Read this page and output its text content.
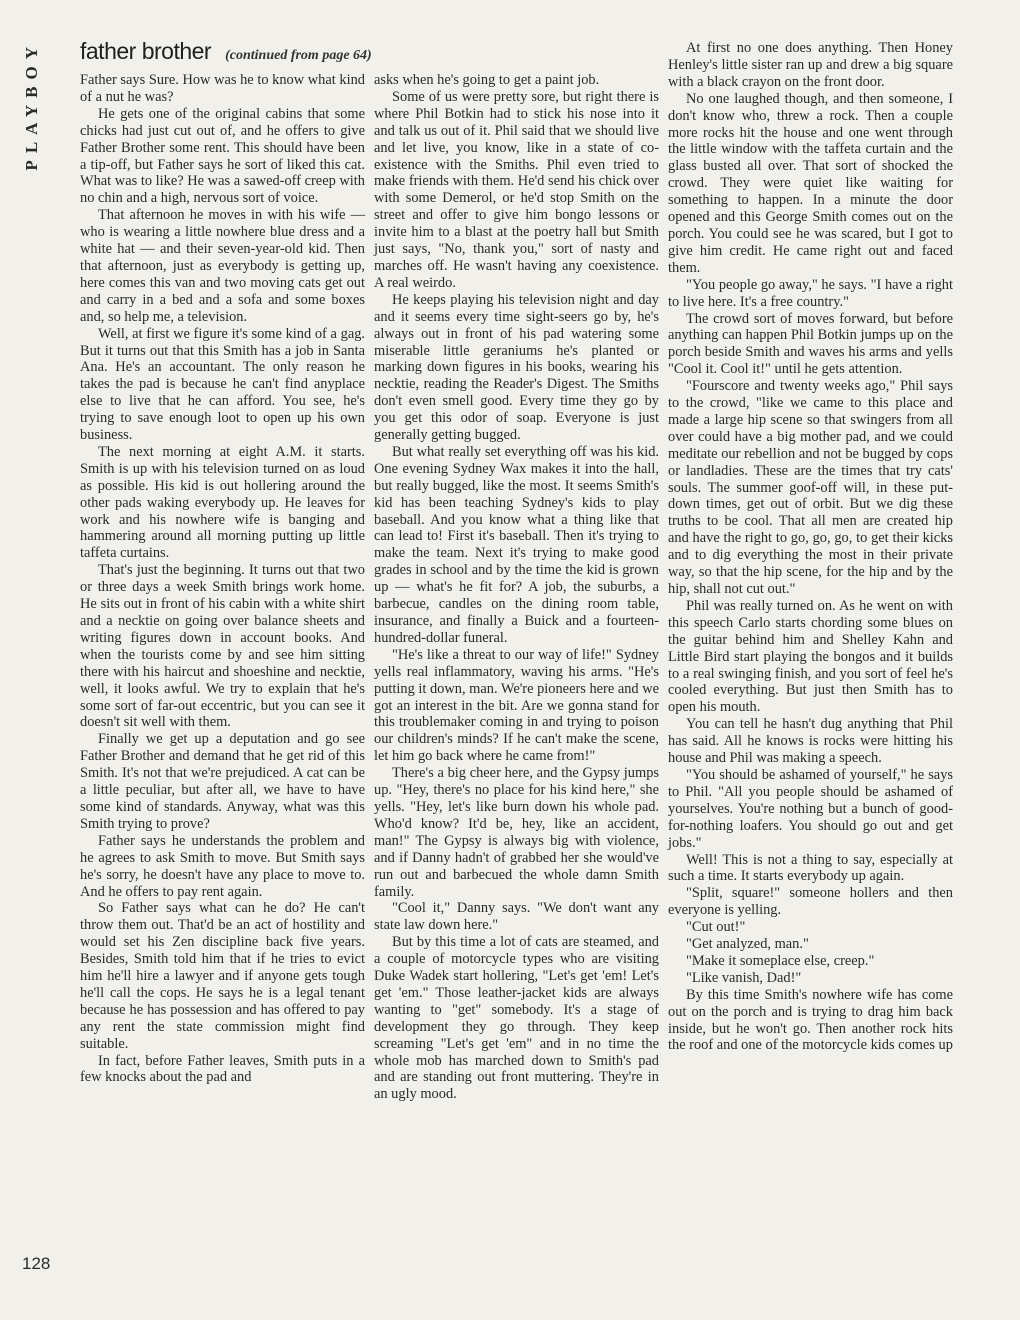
PLAYBOY father brother (continued from page 64)

Father says Sure. How was he to know what kind of a nut he was?

He gets one of the original cabins that some chicks had just cut out of, and he offers to give Father Brother some rent. This should have been a tip-off, but Father says he sort of liked this cat. What was to like? He was a sawed-off creep with no chin and a high, nervous sort of voice.

That afternoon he moves in with his wife — who is wearing a little nowhere blue dress and a white hat — and their seven-year-old kid. Then that afternoon, just as everybody is getting up, here comes this van and two moving cats get out and carry in a bed and a sofa and some boxes and, so help me, a television.

Well, at first we figure it's some kind of a gag. But it turns out that this Smith has a job in Santa Ana. He's an accountant. The only reason he takes the pad is because he can't find anyplace else to live that he can afford. You see, he's trying to save enough loot to open up his own business.

The next morning at eight A.M. it starts. Smith is up with his television turned on as loud as possible. His kid is out hollering around the other pads waking everybody up. He leaves for work and his nowhere wife is banging and hammering around all morning putting up little taffeta curtains.

That's just the beginning. It turns out that two or three days a week Smith brings work home. He sits out in front of his cabin with a white shirt and a necktie on going over balance sheets and writing figures down in account books. And when the tourists come by and see him sitting there with his haircut and shoeshine and necktie, well, it looks awful. We try to explain that he's some sort of far-out eccentric, but you can see it doesn't sit well with them.

Finally we get up a deputation and go see Father Brother and demand that he get rid of this Smith. It's not that we're prejudiced. A cat can be a little peculiar, but after all, we have to have some kind of standards. Anyway, what was this Smith trying to prove?

Father says he understands the problem and he agrees to ask Smith to move. But Smith says he's sorry, he doesn't have any place to move to. And he offers to pay rent again.

So Father says what can he do? He can't throw them out. That'd be an act of hostility and would set his Zen discipline back five years. Besides, Smith told him that if he tries to evict him he'll hire a lawyer and if anyone gets tough he'll call the cops. He says he is a legal tenant because he has possession and has offered to pay any rent the state commission might find suitable.

In fact, before Father leaves, Smith puts in a few knocks about the pad and

asks when he's going to get a paint job.

Some of us were pretty sore, but right there is where Phil Botkin had to stick his nose into it and talk us out of it. Phil said that we should live and let live, you know, like in a state of co-existence with the Smiths. Phil even tried to make friends with them. He'd send his chick over with some Demerol, or he'd stop Smith on the street and offer to give him bongo lessons or invite him to a blast at the poetry hall but Smith just says, "No, thank you," sort of nasty and marches off. He wasn't having any coexistence. A real weirdo.

He keeps playing his television night and day and it seems every time sight-seers go by, he's always out in front of his pad watering some miserable little geraniums he's planted or marking down figures in his books, wearing his necktie, reading the Reader's Digest. The Smiths don't even smell good. Every time they go by you get this odor of soap. Everyone is just generally getting bugged.

But what really set everything off was his kid. One evening Sydney Wax makes it into the hall, but really bugged, like the most. It seems Smith's kid has been teaching Sydney's kids to play baseball. And you know what a thing like that can lead to! First it's baseball. Then it's trying to make the team. Next it's trying to make good grades in school and by the time the kid is grown up — what's he fit for? A job, the suburbs, a barbecue, candles on the dining room table, insurance, and finally a Buick and a fourteen-hundred-dollar funeral.

"He's like a threat to our way of life!" Sydney yells real inflammatory, waving his arms. "He's putting it down, man. We're pioneers here and we got an interest in the bit. Are we gonna stand for this troublemaker coming in and trying to poison our children's minds? If he can't make the scene, let him go back where he came from!"

There's a big cheer here, and the Gypsy jumps up. "Hey, there's no place for his kind here," she yells. "Hey, let's like burn down his whole pad. Who'd know? It'd be, hey, like an accident, man!" The Gypsy is always big with violence, and if Danny hadn't of grabbed her she would've run out and barbecued the whole damn Smith family.

"Cool it," Danny says. "We don't want any state law down here."

But by this time a lot of cats are steamed, and a couple of motorcycle types who are visiting Duke Wadek start hollering, "Let's get 'em! Let's get 'em." Those leather-jacket kids are always wanting to "get" somebody. It's a stage of development they go through. They keep screaming "Let's get 'em" and in no time the whole mob has marched down to Smith's pad and are standing out front muttering. They're in an ugly mood.

At first no one does anything. Then Honey Henley's little sister ran up and drew a big square with a black crayon on the front door.

No one laughed though, and then someone, I don't know who, threw a rock. Then a couple more rocks hit the house and one went through the little window with the taffeta curtain and the glass busted all over. That sort of shocked the crowd. They were quiet like waiting for something to happen. In a minute the door opened and this George Smith comes out on the porch. You could see he was scared, but I got to give him credit. He came right out and faced them.

"You people go away," he says. "I have a right to live here. It's a free country."

The crowd sort of moves forward, but before anything can happen Phil Botkin jumps up on the porch beside Smith and waves his arms and yells "Cool it. Cool it!" until he gets attention.

"Fourscore and twenty weeks ago," Phil says to the crowd, "like we came to this place and made a large hip scene so that swingers from all over could have a big mother pad, and we could meditate our rebellion and not be bugged by cops or landladies. These are the times that try cats' souls. The summer goof-off will, in these put-down times, get out of orbit. But we dig these truths to be cool. That all men are created hip and have the right to go, go, go, to get their kicks and to dig everything the most in their private way, so that the hip scene, for the hip and by the hip, shall not cut out."

Phil was really turned on. As he went on with this speech Carlo starts chording some blues on the guitar behind him and Shelley Kahn and Little Bird start playing the bongos and it builds to a real swinging finish, and you sort of feel he's cooled everything. But just then Smith has to open his mouth.

You can tell he hasn't dug anything that Phil has said. All he knows is rocks were hitting his house and Phil was making a speech.

"You should be ashamed of yourself," he says to Phil. "All you people should be ashamed of yourselves. You're nothing but a bunch of good-for-nothing loafers. You should go out and get jobs."

Well! This is not a thing to say, especially at such a time. It starts everybody up again.

"Split, square!" someone hollers and then everyone is yelling.

"Cut out!"

"Get analyzed, man."

"Make it someplace else, creep."

"Like vanish, Dad!"

By this time Smith's nowhere wife has come out on the porch and is trying to drag him back inside, but he won't go. Then another rock hits the roof and one of the motorcycle kids comes up

128
